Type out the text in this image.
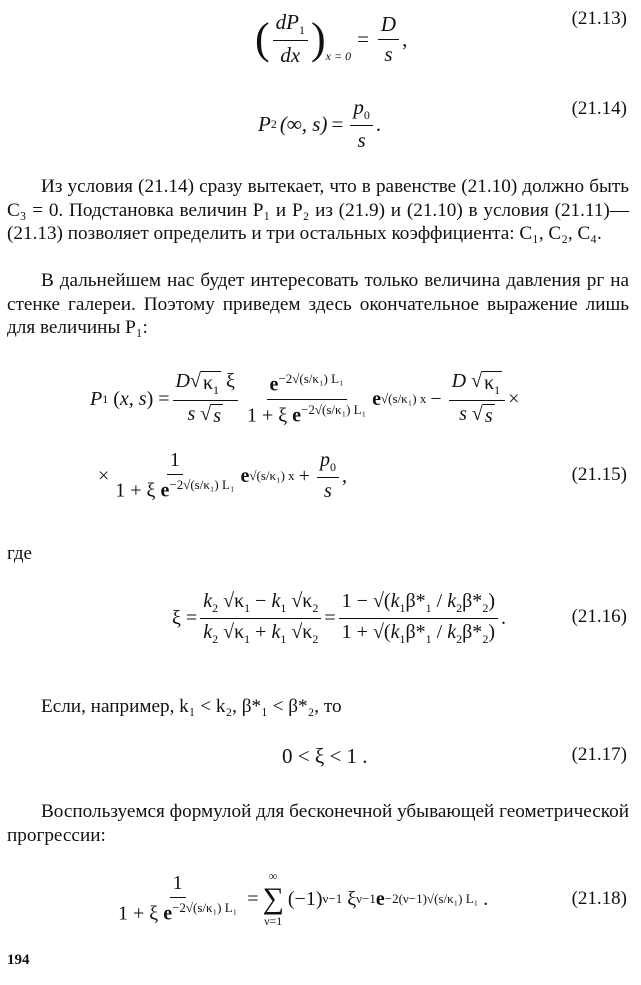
( $\frac{dP_1}{dx}$ ) x = 0
= $\frac{D}{s}$ ,
(21.13)
P 2 (∞, $s) = \frac{p_0}{s}$ .
(21.14)
Из условия (21.14) сразу вытекает, что в равенстве (21.10) должно быть C₃ = 0. Подстановка величин P₁ и P₂ из (21.9) и (21.10) в условия (21.11)—(21.13) позволяет определить и три остальных коэффициента: C₁, C₂, C₄.
В дальнейшем нас будет интересовать только величина давления pг на стенке галереи. Поэтому приведем здесь окончательное выражение лишь для величины P₁:
P 1 ( x, s ) = $\frac{D √ \kappa_1 \xi}{s √ s} \frac{e^{-2√(s/\kappa_1) L_1}}{1 + \xi e^{-2√(s/\kappa_1) L_1}}$ e √(s/κ₁) $x - \frac{D √ \kappa_1}{s √ s}$ ×
× $\frac{1}{1 + \xi e^{-2√(s/\kappa_1) L_1}}$ e √(s/κ₁) $x + \frac{p_0}{s}$ ,	(21.15)
где
$\xi = \frac{k_2 √\kappa_1 - k_1 √\kappa_2}{k_2 √\kappa_1 + k_1 √\kappa_2} = \frac{1 - √(k_1\beta*_1 / k_2\beta*_2)}{1 + √(k_1\beta*_1 / k_2\beta*_2)}$ .	(21.16)
Если, например, k₁ < k₂, β*₁ < β*₂, то
0 < ξ < 1 .	(21.17)
Воспользуемся формулой для бесконечной убывающей геометрической прогрессии:
$\frac{1}{1 + \xi e^{-2√(s/\kappa_1) L_1}}$ =
∞
∑
ν=1
(−1) ν−1 ξ ν−1 e −2(ν−1)√(s/κ₁) L₁ .	(21.18)
194
